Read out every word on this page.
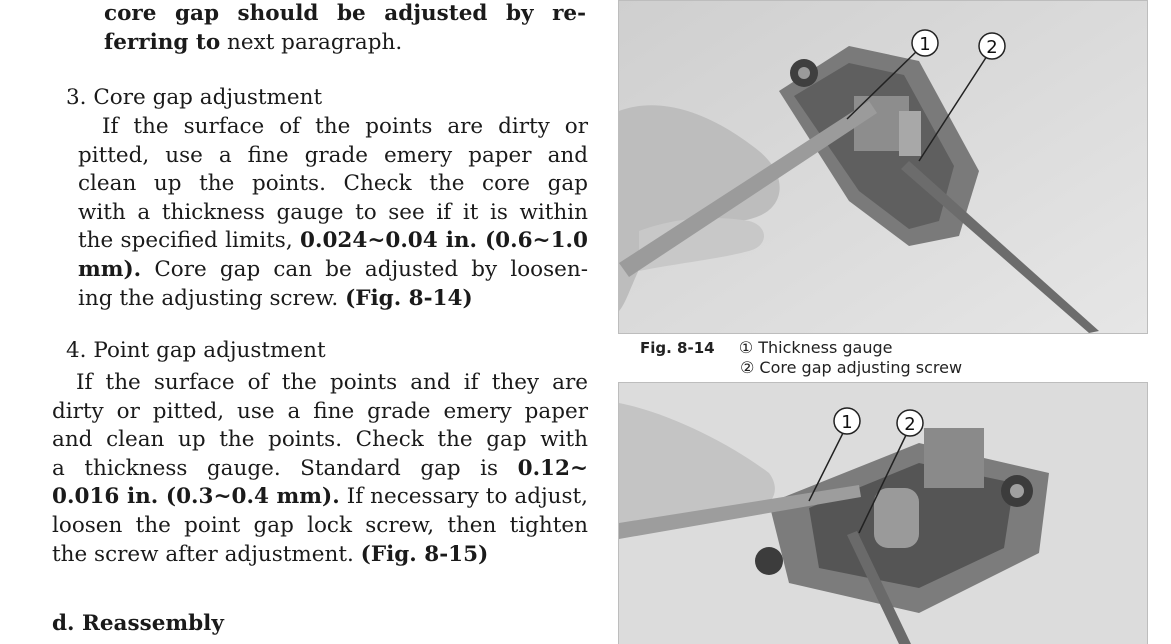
core gap should be adjusted by re-
ferring to next paragraph.
3. Core gap adjustment
If the surface of the points are dirty or
pitted, use a fine grade emery paper and
clean up the points. Check the core gap
with a thickness gauge to see if it is within
the specified limits, 0.024~0.04 in. (0.6~1.0
mm). Core gap can be adjusted by loosen-
ing the adjusting screw. (Fig. 8-14)
4. Point gap adjustment
If the surface of the points and if they are
dirty or pitted, use a fine grade emery paper
and clean up the points. Check the gap with
a thickness gauge. Standard gap is 0.12~
0.016 in. (0.3~0.4 mm). If necessary to adjust,
loosen the point gap lock screw, then tighten
the screw after adjustment. (Fig. 8-15)
d. Reassembly
1	2
Fig. 8-14 ① Thickness gauge
② Core gap adjusting screw
1	2
